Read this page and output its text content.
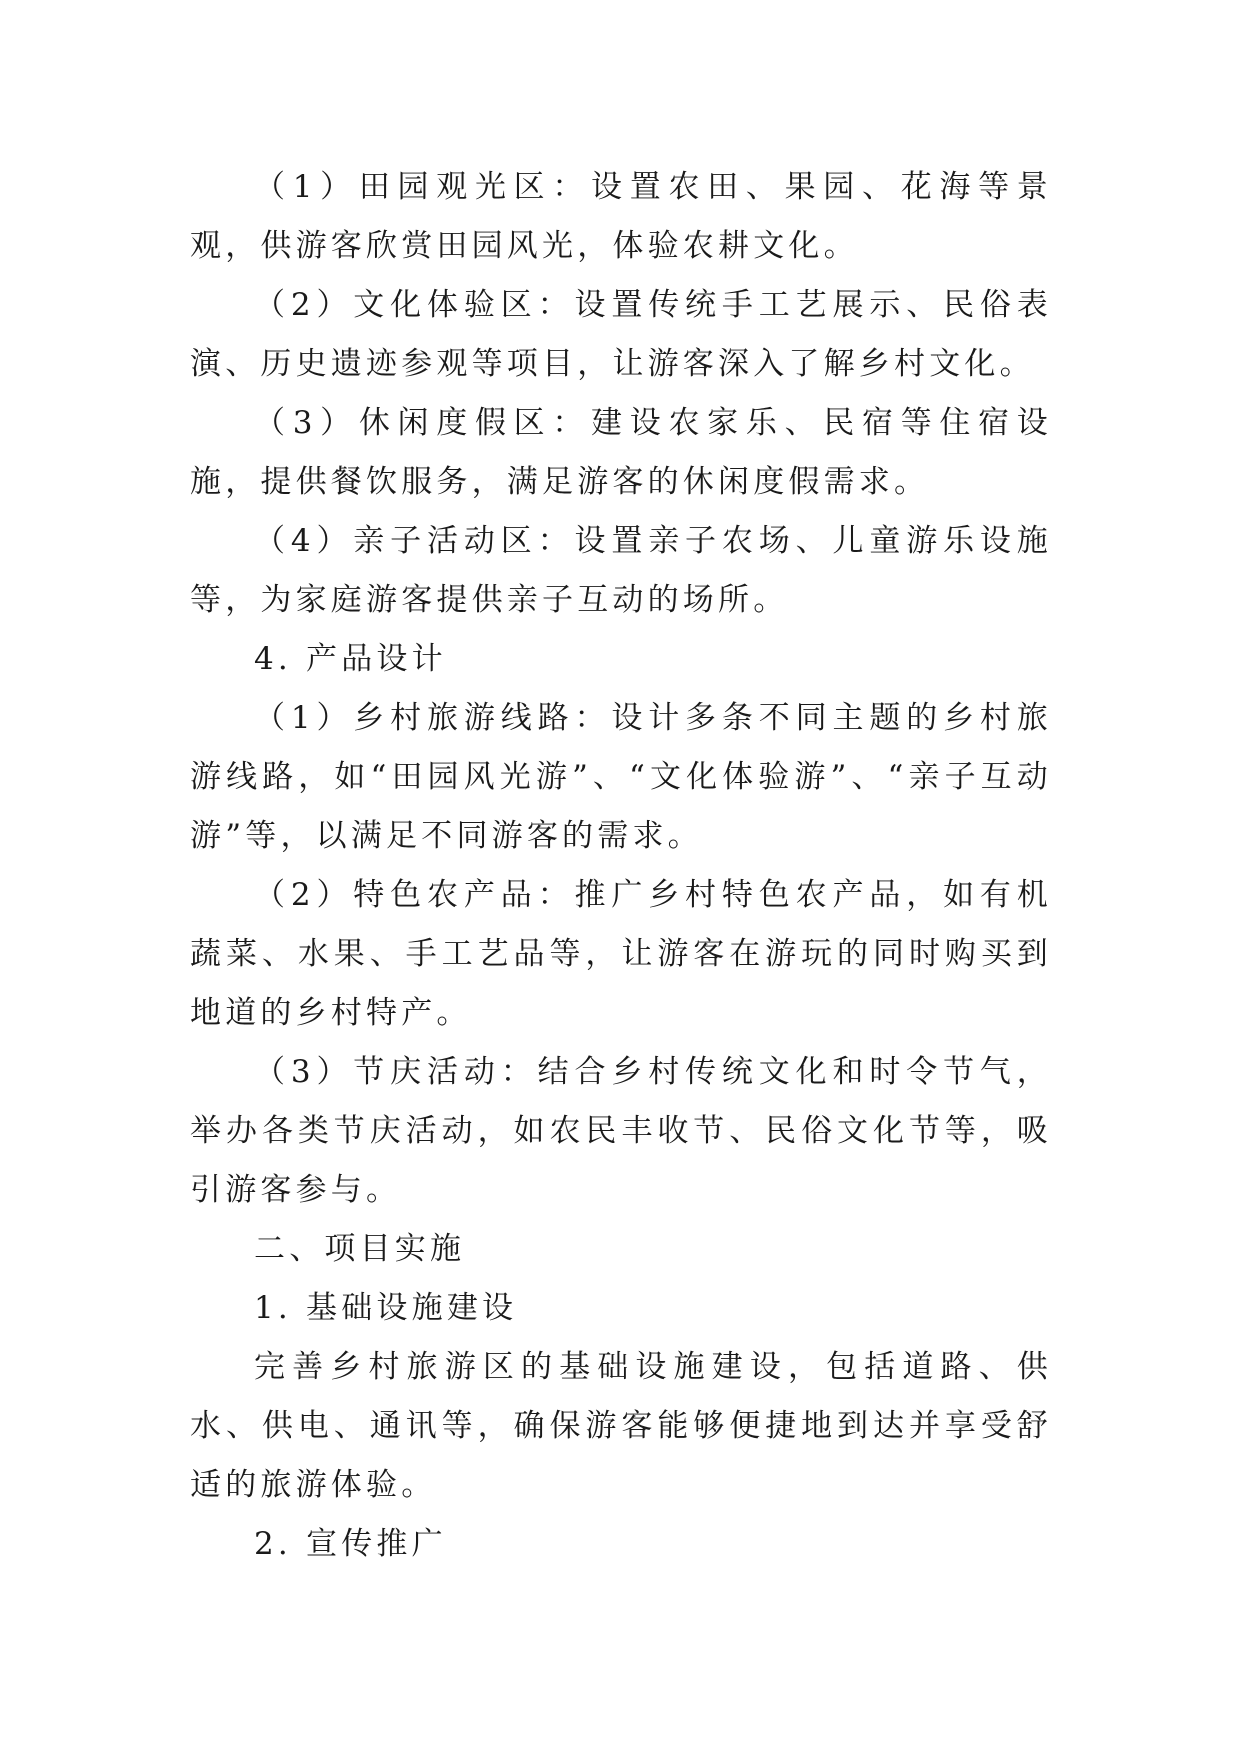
（1）田园观光区：设置农田、果园、花海等景观，供游客欣赏田园风光，体验农耕文化。

（2）文化体验区：设置传统手工艺展示、民俗表演、历史遗迹参观等项目，让游客深入了解乡村文化。

（3）休闲度假区：建设农家乐、民宿等住宿设施，提供餐饮服务，满足游客的休闲度假需求。

（4）亲子活动区：设置亲子农场、儿童游乐设施等，为家庭游客提供亲子互动的场所。

4. 产品设计

（1）乡村旅游线路：设计多条不同主题的乡村旅游线路，如“田园风光游”、“文化体验游”、“亲子互动游”等，以满足不同游客的需求。

（2）特色农产品：推广乡村特色农产品，如有机蔬菜、水果、手工艺品等，让游客在游玩的同时购买到地道的乡村特产。

（3）节庆活动：结合乡村传统文化和时令节气，举办各类节庆活动，如农民丰收节、民俗文化节等，吸引游客参与。

二、项目实施

1. 基础设施建设

完善乡村旅游区的基础设施建设，包括道路、供水、供电、通讯等，确保游客能够便捷地到达并享受舒适的旅游体验。

2. 宣传推广
